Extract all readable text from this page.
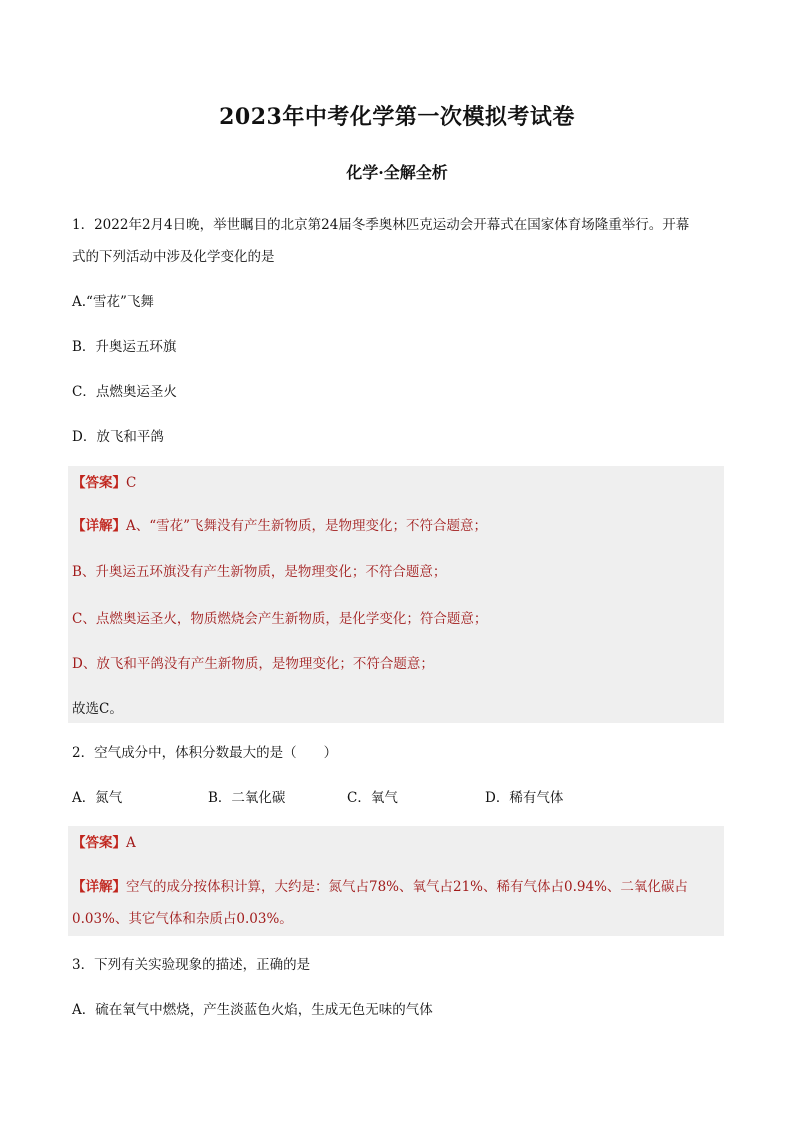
2023年中考化学第一次模拟考试卷
化学·全解全析
1．2022年2月4日晚，举世瞩目的北京第24届冬季奥林匹克运动会开幕式在国家体育场隆重举行。开幕
式的下列活动中涉及化学变化的是
A.“雪花”飞舞
B．升奥运五环旗
C．点燃奥运圣火
D．放飞和平鸽
【答案】C
【详解】A、“雪花”飞舞没有产生新物质，是物理变化；不符合题意；
B、升奥运五环旗没有产生新物质，是物理变化；不符合题意；
C、点燃奥运圣火，物质燃烧会产生新物质，是化学变化；符合题意；
D、放飞和平鸽没有产生新物质，是物理变化；不符合题意；
故选C。
2．空气成分中，体积分数最大的是（　　）
A．氮气	B．二氧化碳	C．氧气	D．稀有气体
【答案】A
【详解】空气的成分按体积计算，大约是：氮气占78%、氧气占21%、稀有气体占0.94%、二氧化碳占
0.03%、其它气体和杂质占0.03%。
3．下列有关实验现象的描述，正确的是
A．硫在氧气中燃烧，产生淡蓝色火焰，生成无色无味的气体
